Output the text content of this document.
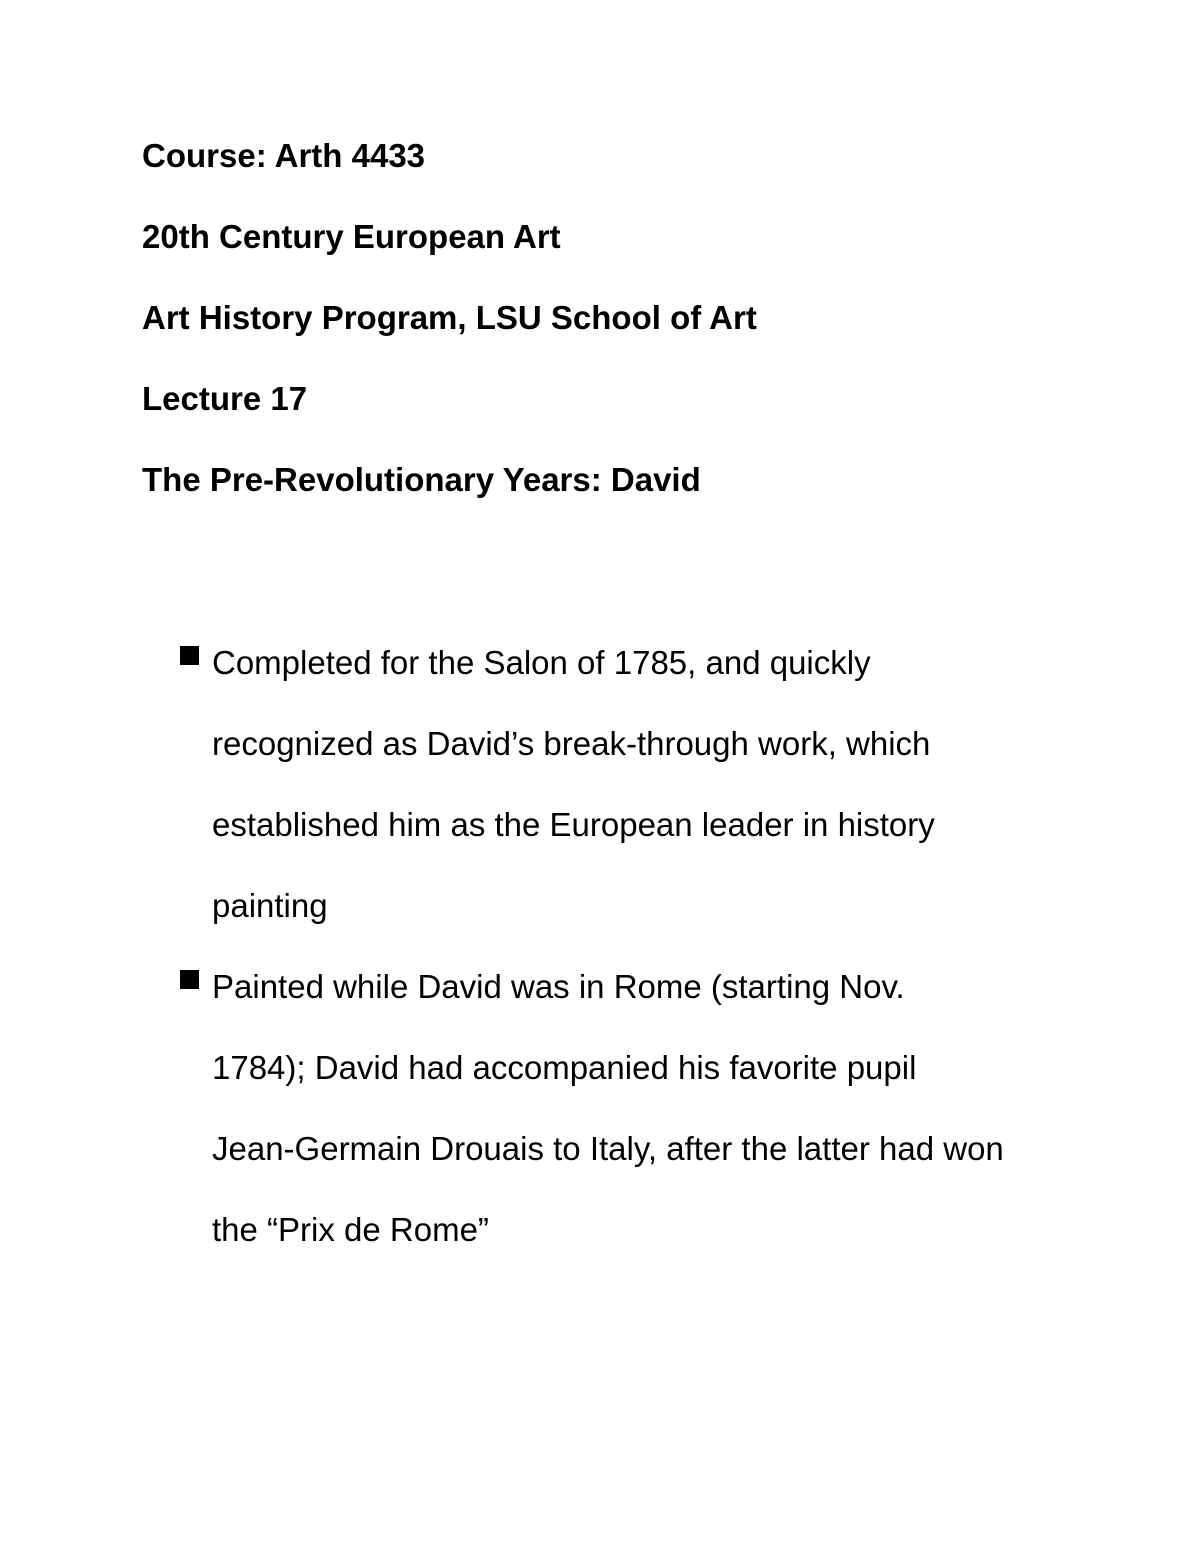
Course: Arth 4433
20th Century European Art
Art History Program, LSU School of Art
Lecture 17
The Pre-Revolutionary Years: David
Completed for the Salon of 1785, and quickly
recognized as David’s break-through work, which
established him as the European leader in history
painting
Painted while David was in Rome (starting Nov.
1784); David had accompanied his favorite pupil
Jean-Germain Drouais to Italy, after the latter had won
the “Prix de Rome”
